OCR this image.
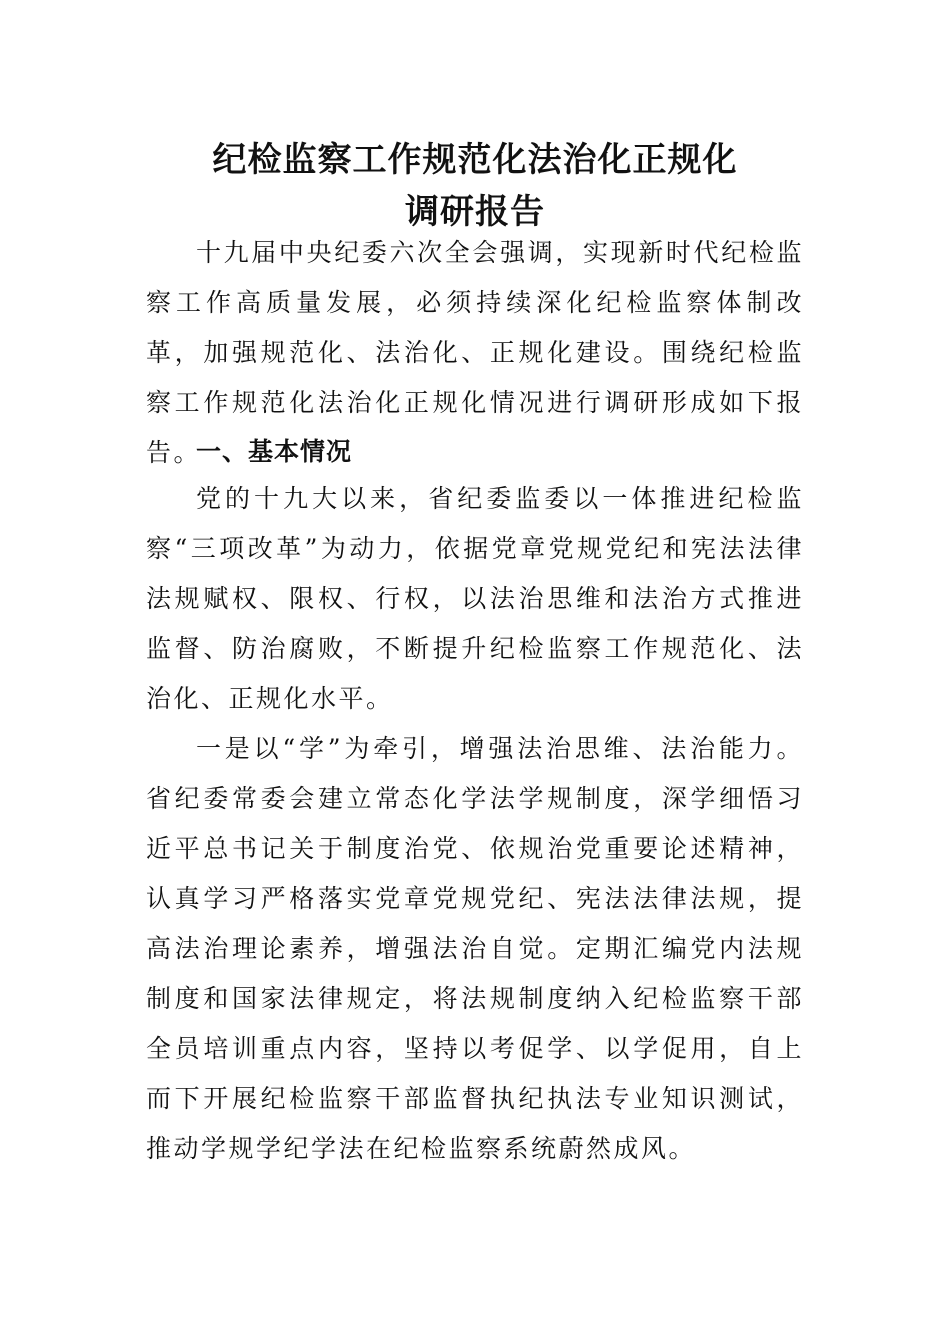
纪检监察工作规范化法治化正规化
调研报告

十九届中央纪委六次全会强调，实现新时代纪检监察工作高质量发展，必须持续深化纪检监察体制改革，加强规范化、法治化、正规化建设。围绕纪检监察工作规范化法治化正规化情况进行调研形成如下报告。

一、基本情况

党的十九大以来，省纪委监委以一体推进纪检监察“三项改革”为动力，依据党章党规党纪和宪法法律法规赋权、限权、行权，以法治思维和法治方式推进监督、防治腐败，不断提升纪检监察工作规范化、法治化、正规化水平。

一是以“学”为牵引，增强法治思维、法治能力。省纪委常委会建立常态化学法学规制度，深学细悟习近平总书记关于制度治党、依规治党重要论述精神，认真学习严格落实党章党规党纪、宪法法律法规，提高法治理论素养，增强法治自觉。定期汇编党内法规制度和国家法律规定，将法规制度纳入纪检监察干部全员培训重点内容，坚持以考促学、以学促用，自上而下开展纪检监察干部监督执纪执法专业知识测试，推动学规学纪学法在纪检监察系统蔚然成风。
